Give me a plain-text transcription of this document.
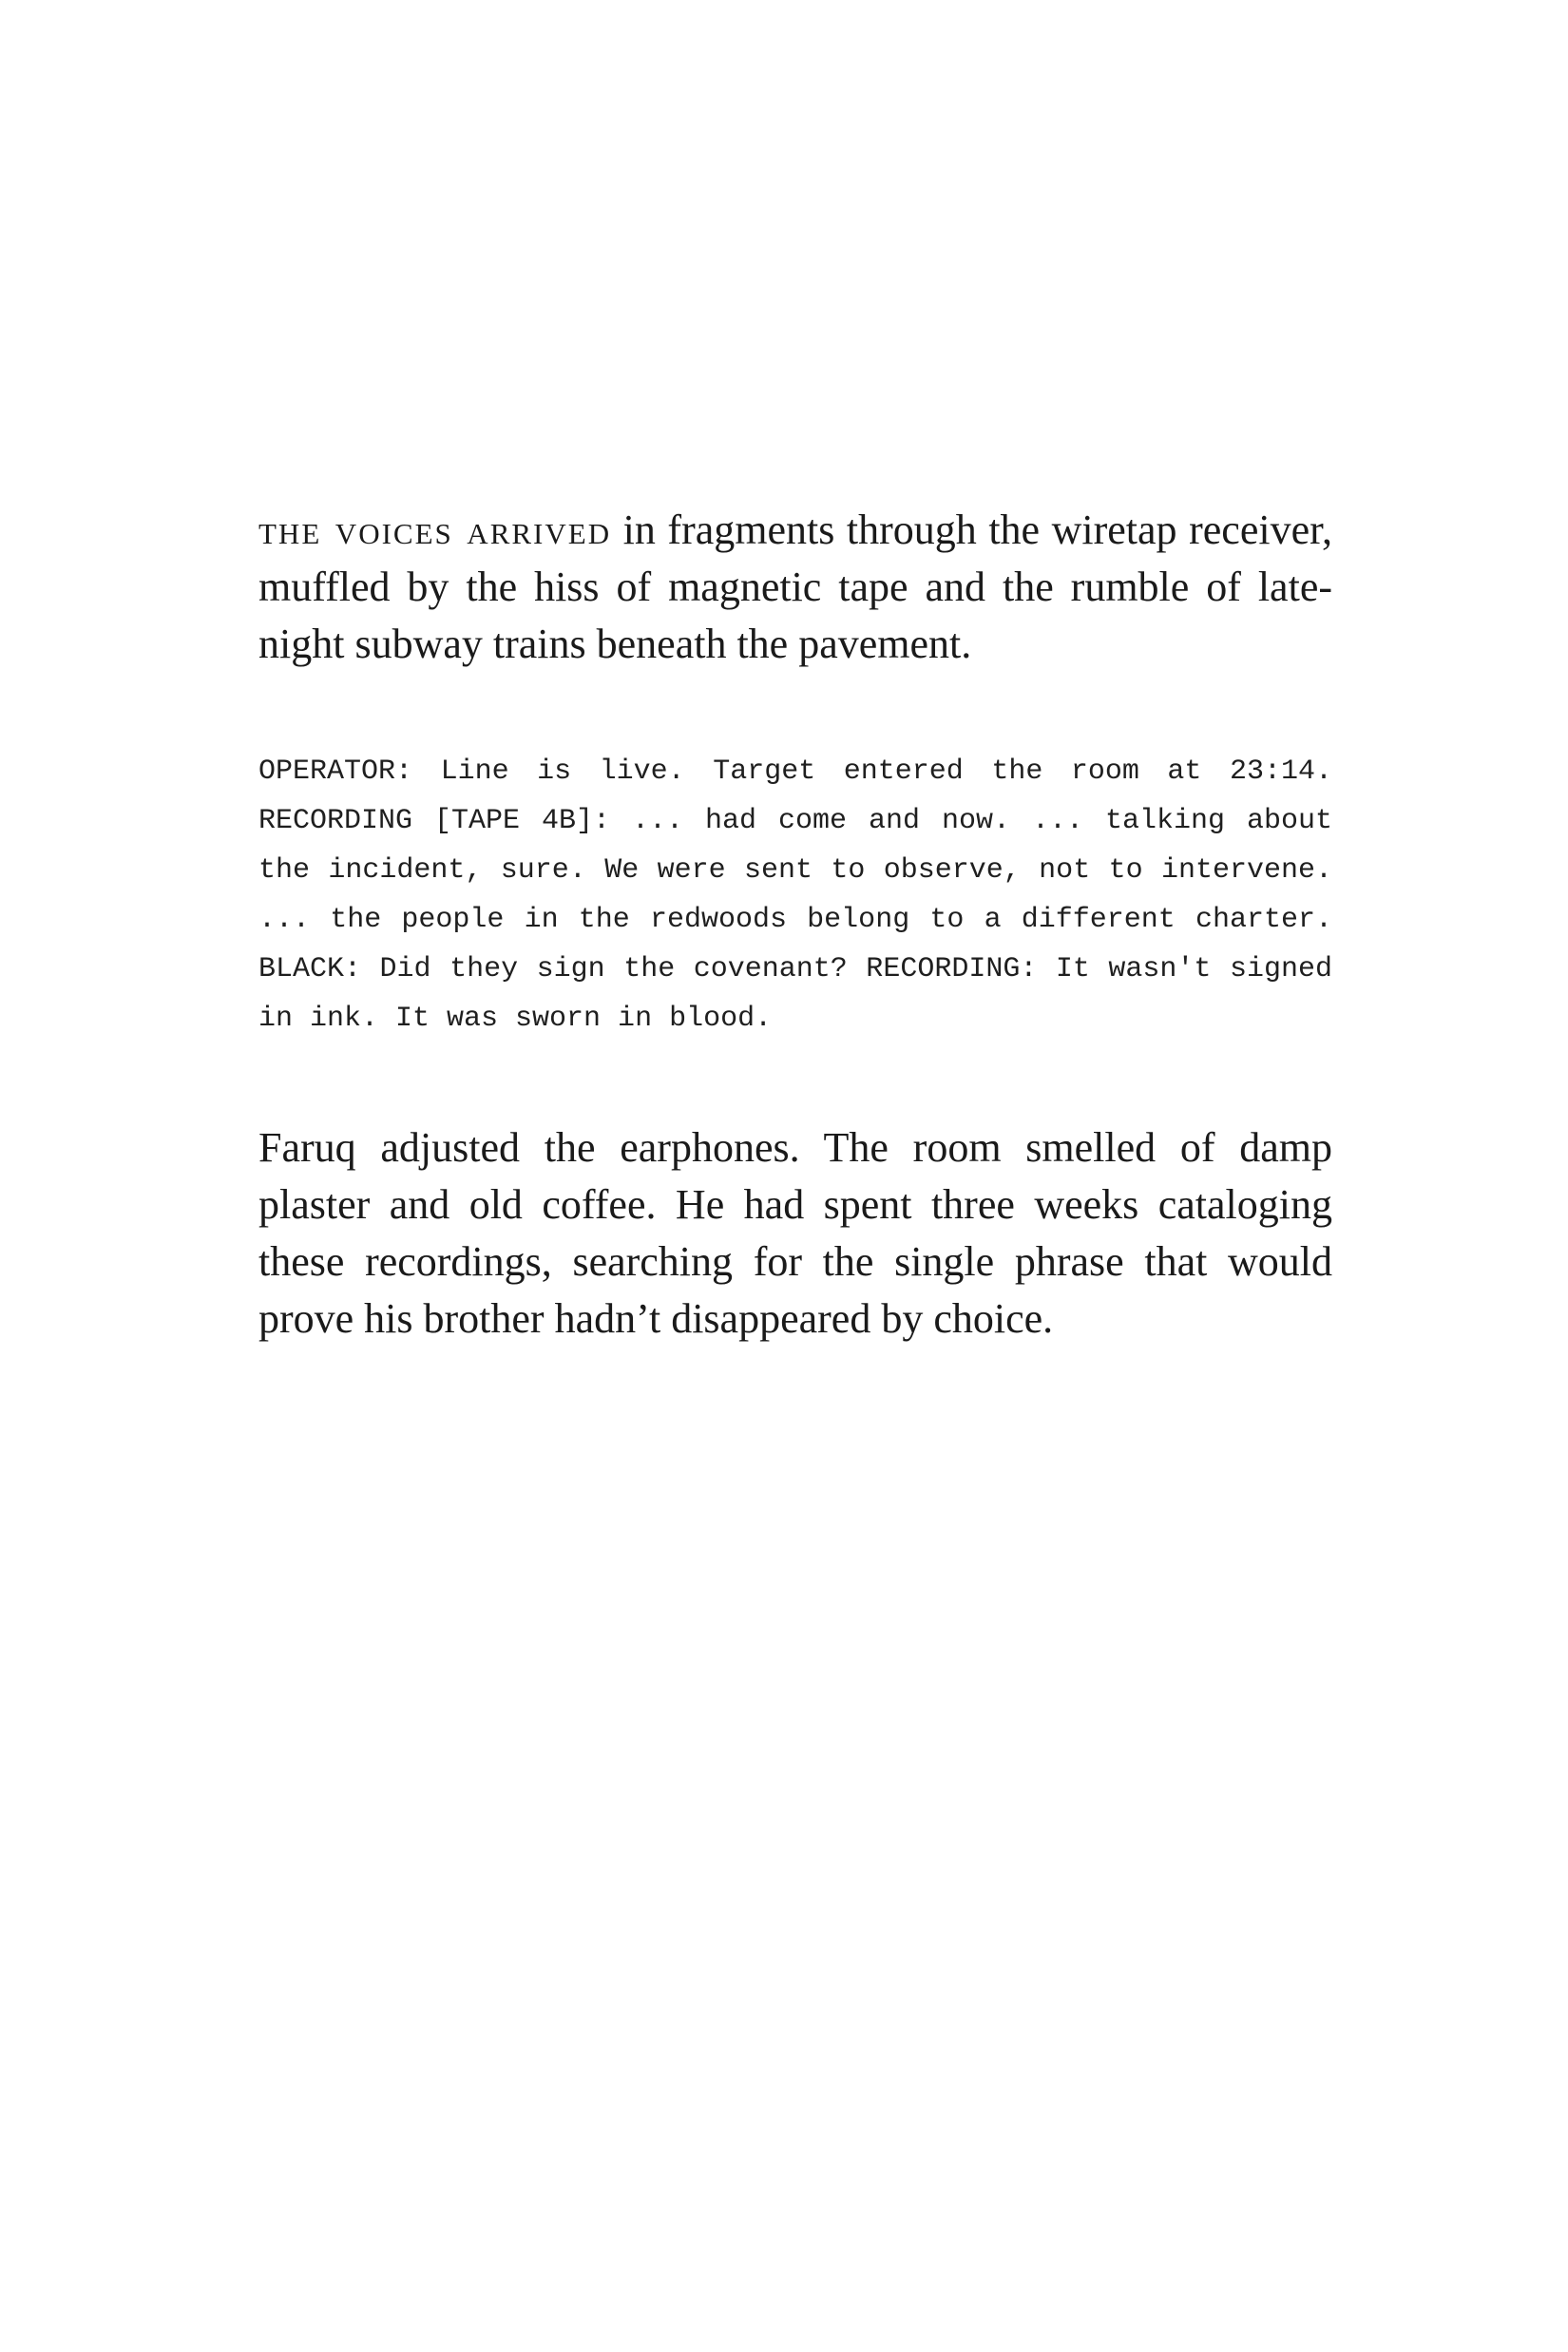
the voices arrived in fragments through the wiretap receiver, muffled by the hiss of magnetic tape and the rumble of late-night subway trains beneath the pavement.

OPERATOR: Line is live. Target entered the room at 23:14. RECORDING [TAPE 4B]: ... had come and now. ... talking about the incident, sure. We were sent to observe, not to intervene. ... the people in the redwoods belong to a different charter. BLACK: Did they sign the covenant? RECORDING: It wasn't signed in ink. It was sworn in blood.

Faruq adjusted the earphones. The room smelled of damp plaster and old coffee. He had spent three weeks cataloging these recordings, searching for the single phrase that would prove his brother hadn’t disappeared by choice.
